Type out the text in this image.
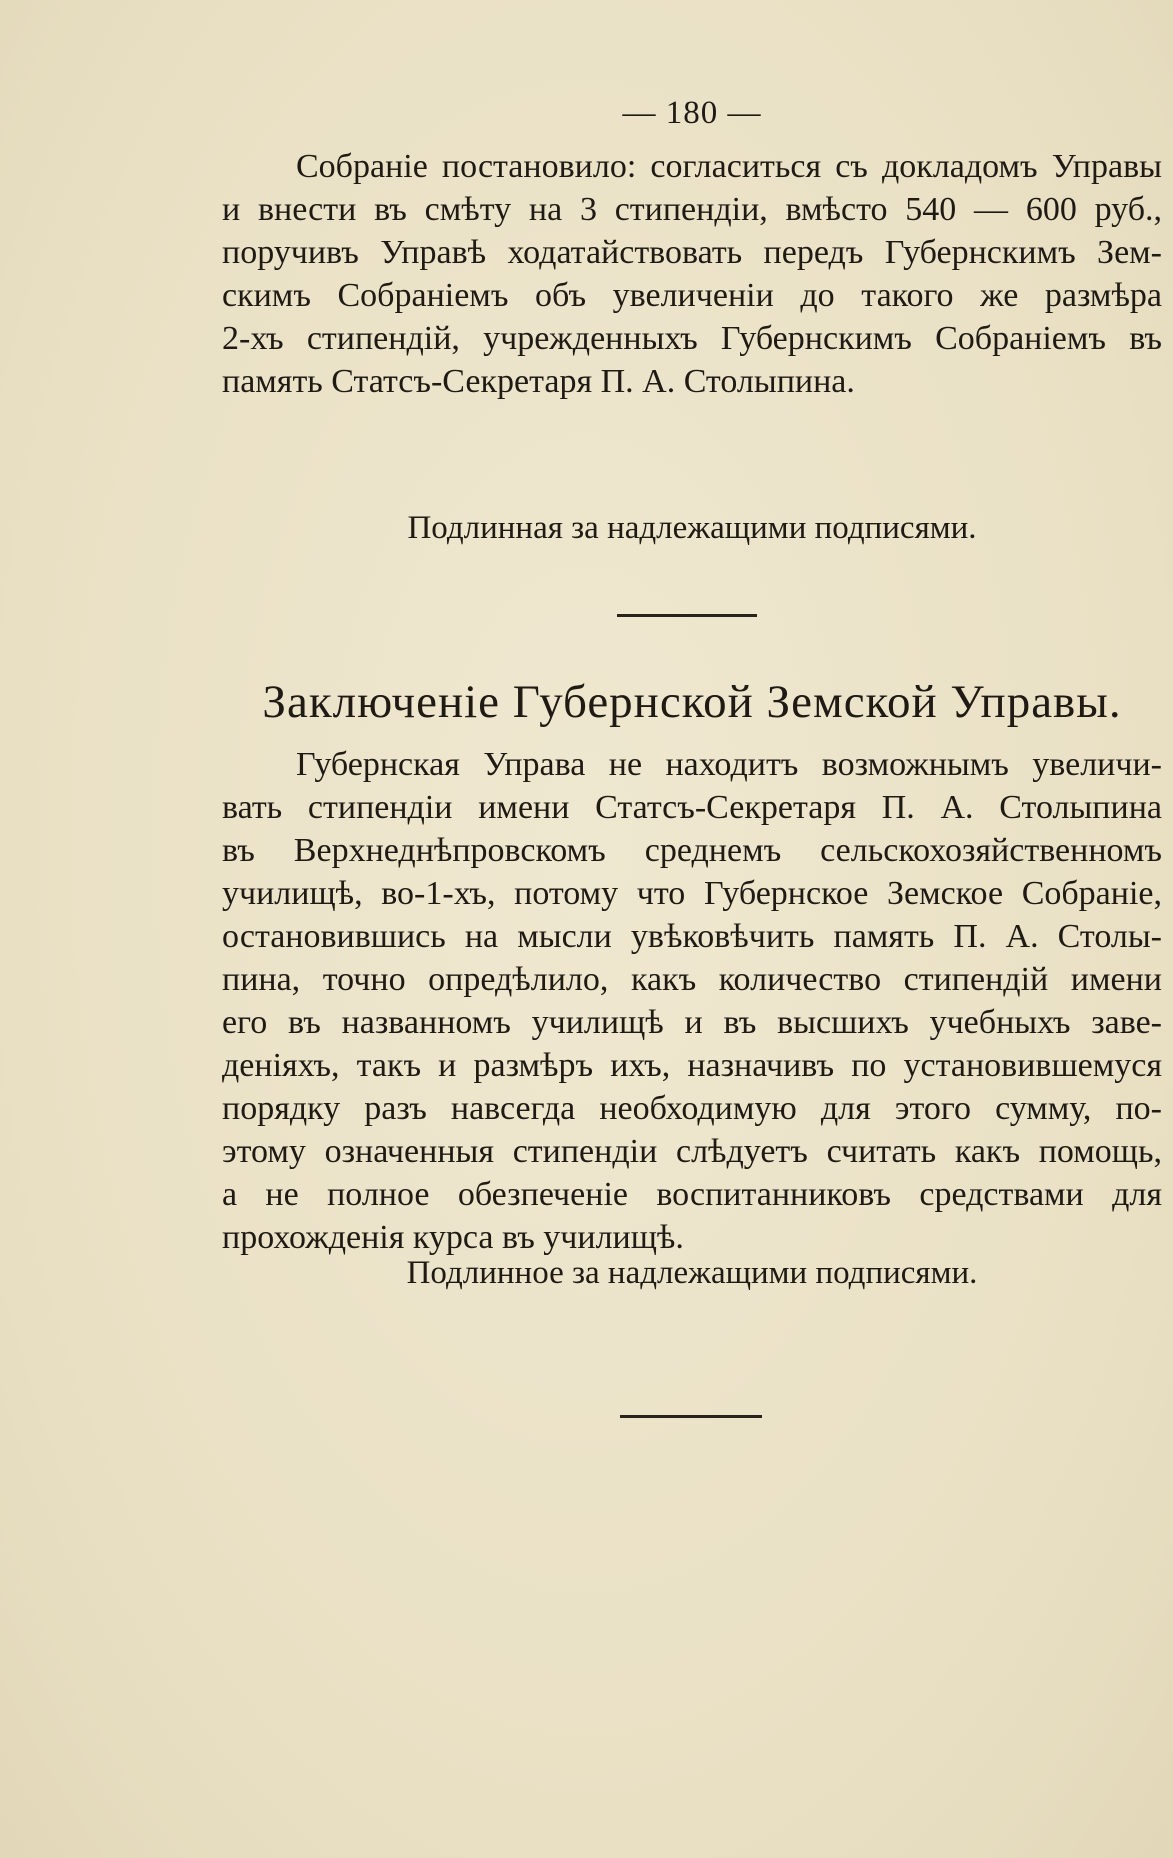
— 180 —
Собраніе постановило: согласиться съ докладомъ Управы
и внести въ смѣту на 3 стипендіи, вмѣсто 540 — 600 руб.,
поручивъ Управѣ ходатайствовать передъ Губернскимъ Зем-
скимъ Собраніемъ объ увеличеніи до такого же размѣра
2-хъ стипендій, учрежденныхъ Губернскимъ Собраніемъ въ
память Статсъ-Секретаря П. А. Столыпина.
Подлинная за надлежащими подписями.
Заключеніе Губернской Земской Управы.
Губернская Управа не находитъ возможнымъ увеличи-
вать стипендіи имени Статсъ-Секретаря П. А. Столыпина
въ Верхнеднѣпровскомъ среднемъ сельскохозяйственномъ
училищѣ, во-1-хъ, потому что Губернское Земское Собраніе,
остановившись на мысли увѣковѣчить память П. А. Столы-
пина, точно опредѣлило, какъ количество стипендій имени
его въ названномъ училищѣ и въ высшихъ учебныхъ заве-
деніяхъ, такъ и размѣръ ихъ, назначивъ по установившемуся
порядку разъ навсегда необходимую для этого сумму, по-
этому означенныя стипендіи слѣдуетъ считать какъ помощь,
а не полное обезпеченіе воспитанниковъ средствами для
прохожденія курса въ училищѣ.
Подлинное за надлежащими подписями.
